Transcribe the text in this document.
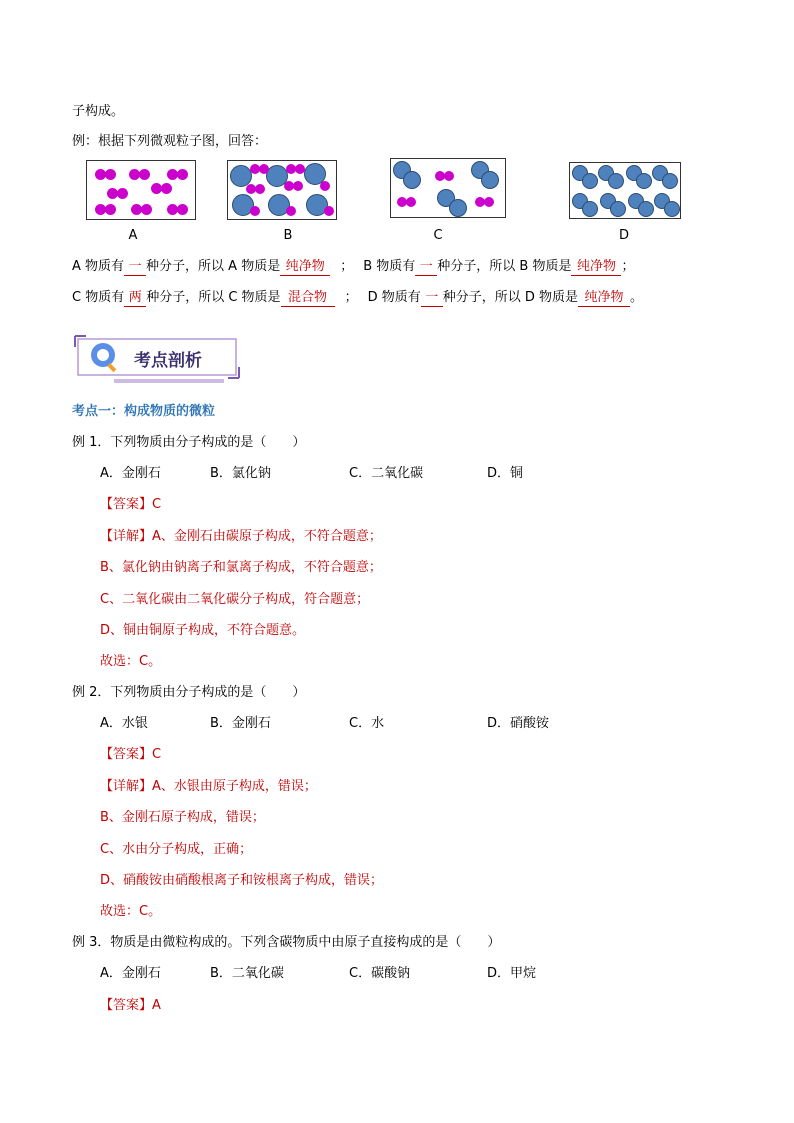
子构成。
例：根据下列微观粒子图，回答：
A	B	C	D
A 物质有 一 种分子，所以 A 物质是 纯净物 ； B 物质有 一 种分子，所以 B 物质是 纯净物 ；
C 物质有 两 种分子，所以 C 物质是 混合物 ； D 物质有 一 种分子，所以 D 物质是 纯净物 。
考点剖析
考点一：构成物质的微粒
例 1．下列物质由分子构成的是（　　）
A．金刚石	B．氯化钠	C．二氧化碳	D．铜
【答案】C
【详解】A、金刚石由碳原子构成，不符合题意；
B、氯化钠由钠离子和氯离子构成，不符合题意；
C、二氧化碳由二氧化碳分子构成，符合题意；
D、铜由铜原子构成，不符合题意。
故选：C。
例 2．下列物质由分子构成的是（　　）
A．水银	B．金刚石	C．水	D．硝酸铵
【答案】C
【详解】A、水银由原子构成，错误；
B、金刚石原子构成，错误；
C、水由分子构成，正确；
D、硝酸铵由硝酸根离子和铵根离子构成，错误；
故选：C。
例 3．物质是由微粒构成的。下列含碳物质中由原子直接构成的是（　　）
A．金刚石	B．二氧化碳	C．碳酸钠	D．甲烷
【答案】A
